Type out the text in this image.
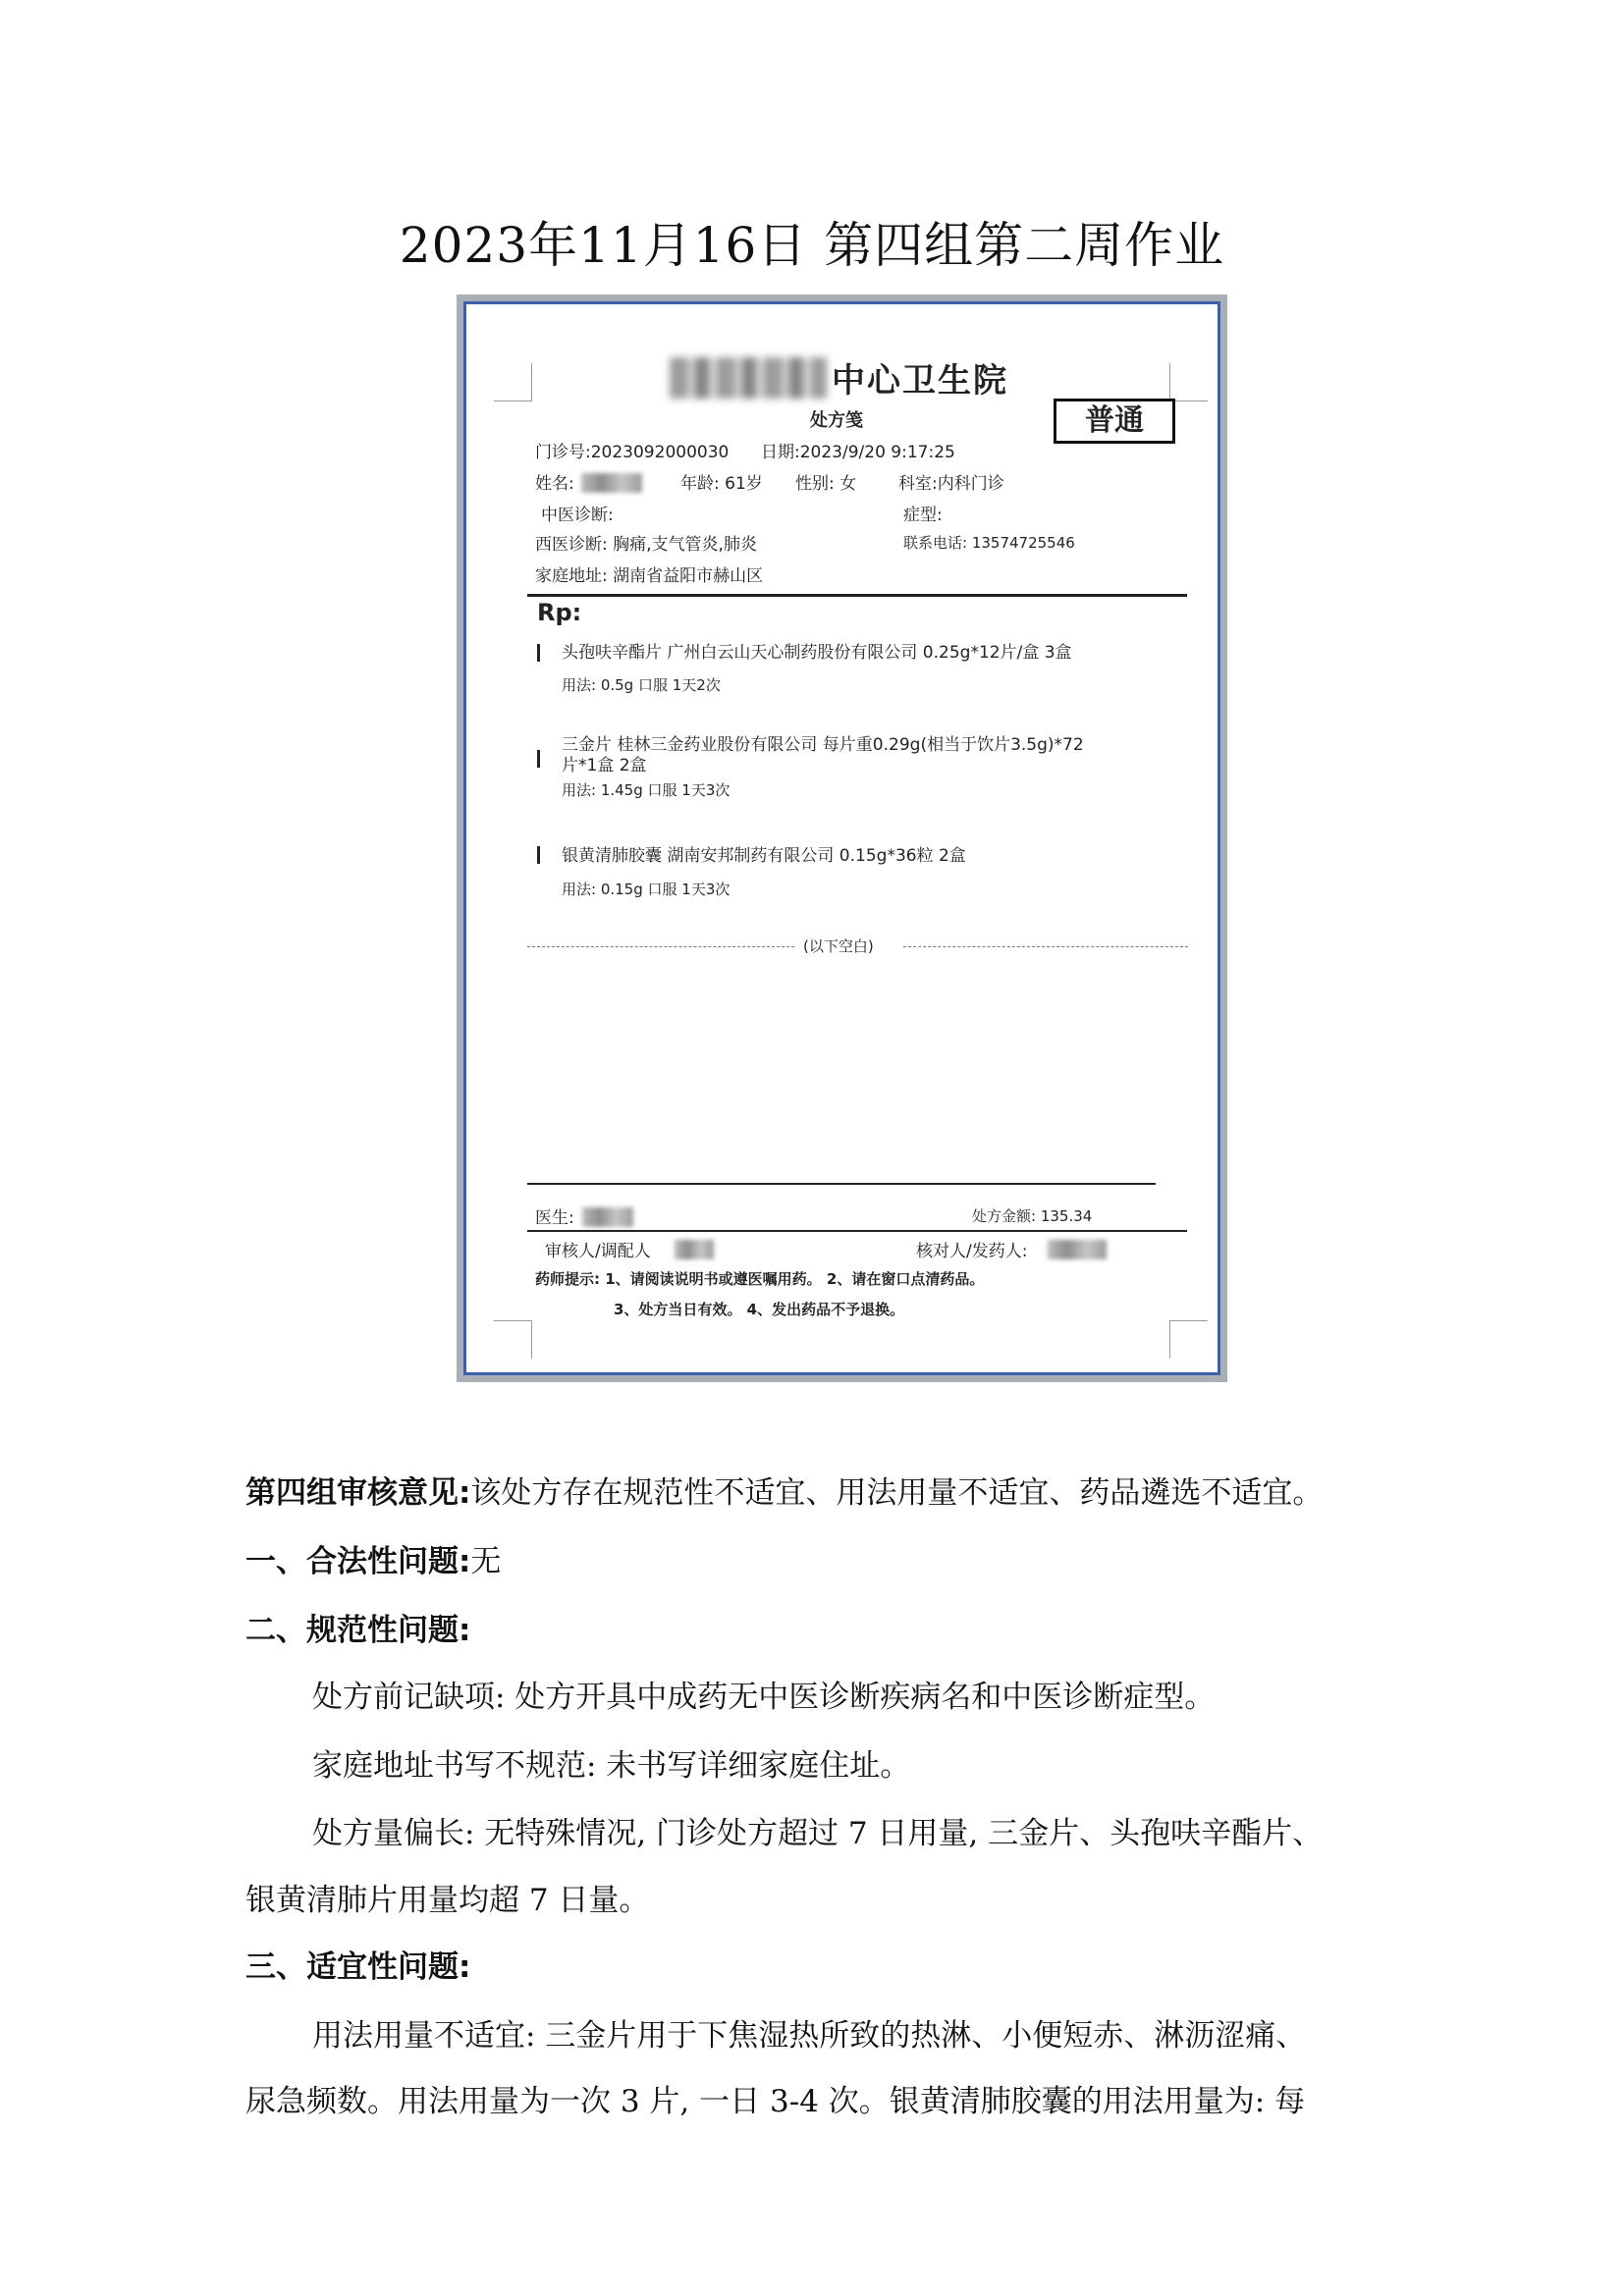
2023年11月16日 第四组第二周作业
中心卫生院
处方笺	普通
门诊号:2023092000030 日期:2023/9/20 9:17:25
姓名:	年龄: 61岁 性别: 女	科室:内科门诊
中医诊断:	症型:
西医诊断: 胸痛,支气管炎,肺炎	联系电话: 13574725546
家庭地址: 湖南省益阳市赫山区
Rp:
头孢呋辛酯片 广州白云山天心制药股份有限公司 0.25g*12片/盒 3盒
用法: 0.5g 口服 1天2次
三金片 桂林三金药业股份有限公司 每片重0.29g(相当于饮片3.5g)*72
片*1盒 2盒
用法: 1.45g 口服 1天3次
银黄清肺胶囊 湖南安邦制药有限公司 0.15g*36粒 2盒
用法: 0.15g 口服 1天3次
(以下空白)
医生:	处方金额: 135.34
审核人/调配人	核对人/发药人:
药师提示: 1、请阅读说明书或遵医嘱用药。 2、请在窗口点清药品。
3、处方当日有效。 4、发出药品不予退换。
第四组审核意见:该处方存在规范性不适宜、用法用量不适宜、药品遴选不适宜。
一、合法性问题:无
二、规范性问题:
处方前记缺项: 处方开具中成药无中医诊断疾病名和中医诊断症型。
家庭地址书写不规范: 未书写详细家庭住址。
处方量偏长: 无特殊情况, 门诊处方超过 7 日用量, 三金片、头孢呋辛酯片、
银黄清肺片用量均超 7 日量。
三、适宜性问题:
用法用量不适宜: 三金片用于下焦湿热所致的热淋、小便短赤、淋沥涩痛、
尿急频数。用法用量为一次 3 片, 一日 3-4 次。银黄清肺胶囊的用法用量为: 每
